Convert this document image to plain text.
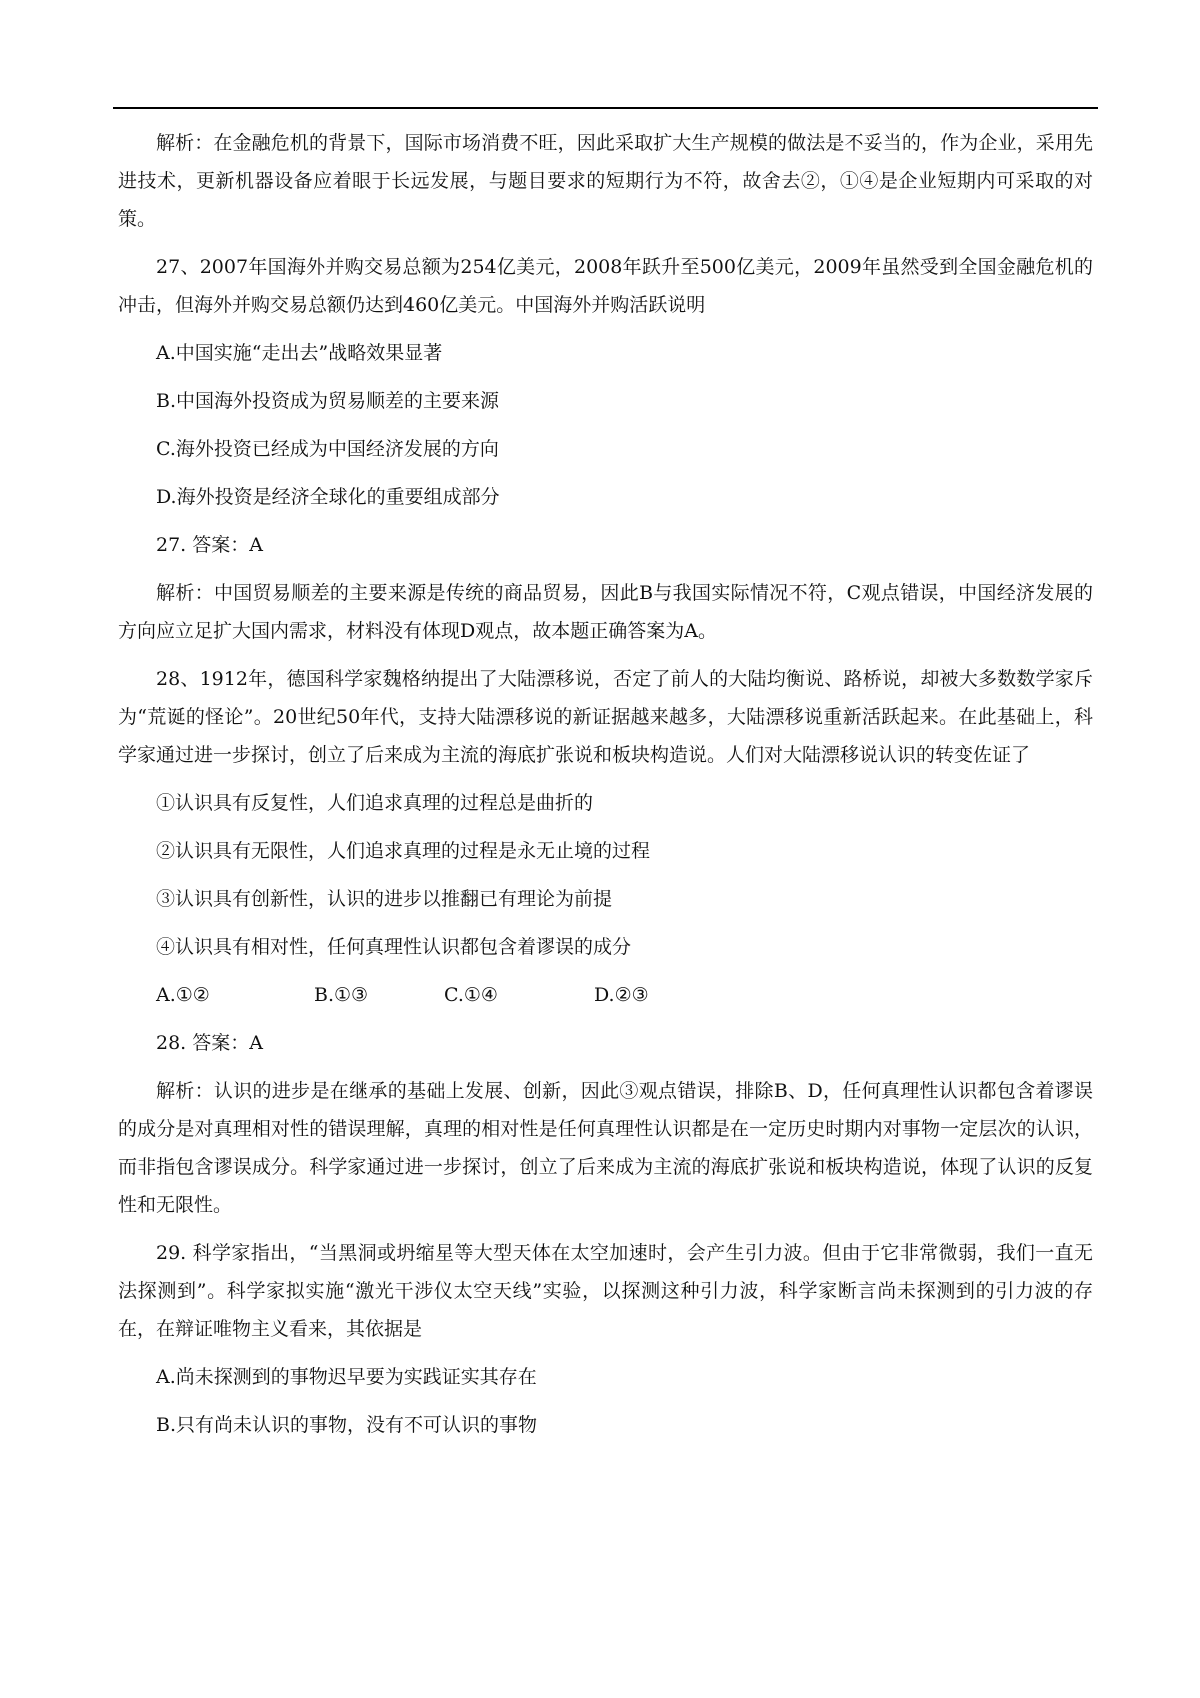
解析：在金融危机的背景下，国际市场消费不旺，因此采取扩大生产规模的做法是不妥当的，作为企业，采用先进技术，更新机器设备应着眼于长远发展，与题目要求的短期行为不符，故舍去②，①④是企业短期内可采取的对策。

27、2007年国海外并购交易总额为254亿美元，2008年跃升至500亿美元，2009年虽然受到全国金融危机的冲击，但海外并购交易总额仍达到460亿美元。中国海外并购活跃说明

A.中国实施“走出去”战略效果显著

B.中国海外投资成为贸易顺差的主要来源

C.海外投资已经成为中国经济发展的方向

D.海外投资是经济全球化的重要组成部分

27. 答案：A

解析：中国贸易顺差的主要来源是传统的商品贸易，因此B与我国实际情况不符，C观点错误，中国经济发展的方向应立足扩大国内需求，材料没有体现D观点，故本题正确答案为A。

28、1912年，德国科学家魏格纳提出了大陆漂移说，否定了前人的大陆均衡说、路桥说，却被大多数数学家斥为“荒诞的怪论”。20世纪50年代，支持大陆漂移说的新证据越来越多，大陆漂移说重新活跃起来。在此基础上，科学家通过进一步探讨，创立了后来成为主流的海底扩张说和板块构造说。人们对大陆漂移说认识的转变佐证了

①认识具有反复性，人们追求真理的过程总是曲折的

②认识具有无限性，人们追求真理的过程是永无止境的过程

③认识具有创新性，认识的进步以推翻已有理论为前提

④认识具有相对性，任何真理性认识都包含着谬误的成分

A.①②	B.①③	C.①④	D.②③

28. 答案：A

解析：认识的进步是在继承的基础上发展、创新，因此③观点错误，排除B、D，任何真理性认识都包含着谬误的成分是对真理相对性的错误理解，真理的相对性是任何真理性认识都是在一定历史时期内对事物一定层次的认识，而非指包含谬误成分。科学家通过进一步探讨，创立了后来成为主流的海底扩张说和板块构造说，体现了认识的反复性和无限性。

29. 科学家指出，“当黑洞或坍缩星等大型天体在太空加速时，会产生引力波。但由于它非常微弱，我们一直无法探测到”。科学家拟实施“激光干涉仪太空天线”实验，以探测这种引力波，科学家断言尚未探测到的引力波的存在，在辩证唯物主义看来，其依据是

A.尚未探测到的事物迟早要为实践证实其存在

B.只有尚未认识的事物，没有不可认识的事物
